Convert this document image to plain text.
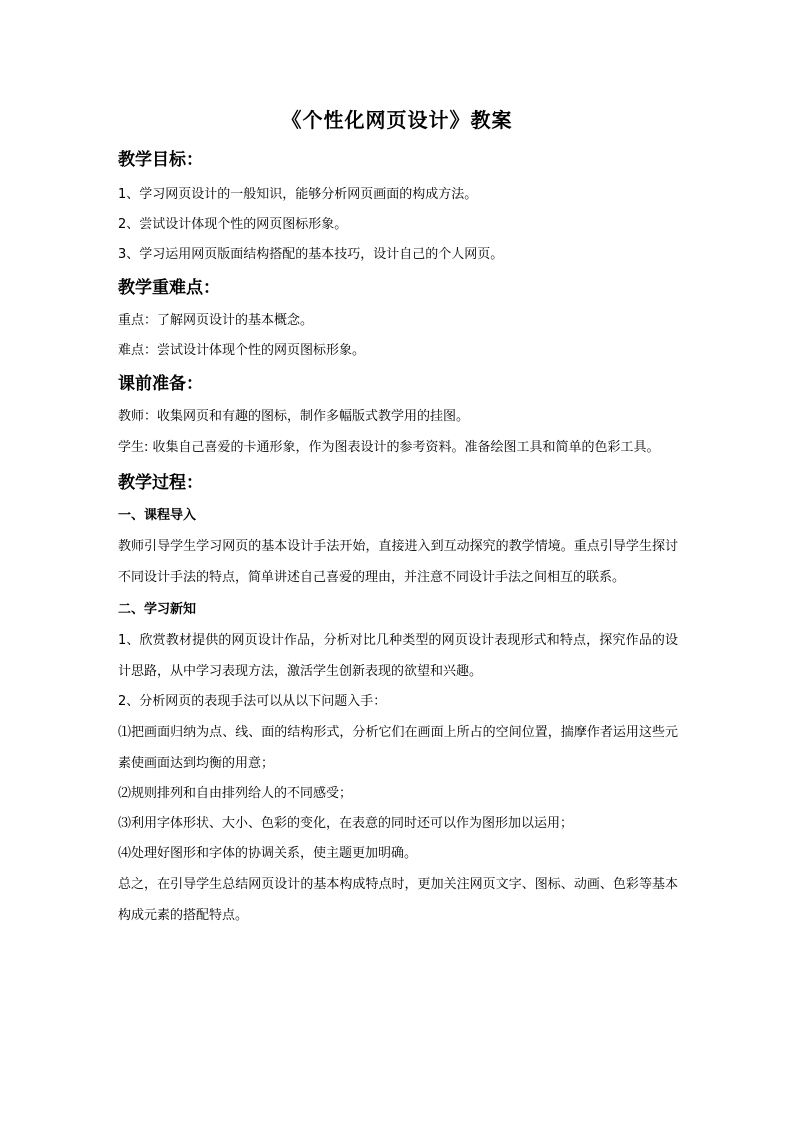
《个性化网页设计》教案
教学目标：

1、学习网页设计的一般知识，能够分析网页画面的构成方法。

2、尝试设计体现个性的网页图标形象。

3、学习运用网页版面结构搭配的基本技巧，设计自己的个人网页。

教学重难点：

重点：了解网页设计的基本概念。

难点：尝试设计体现个性的网页图标形象。

课前准备：

教师：收集网页和有趣的图标，制作多幅版式教学用的挂图。

学生: 收集自己喜爱的卡通形象，作为图表设计的参考资料。准备绘图工具和简单的色彩工具。

教学过程：

一、课程导入

教师引导学生学习网页的基本设计手法开始，直接进入到互动探究的教学情境。重点引导学生探讨不同设计手法的特点，简单讲述自己喜爱的理由，并注意不同设计手法之间相互的联系。

二、学习新知

1、欣赏教材提供的网页设计作品，分析对比几种类型的网页设计表现形式和特点，探究作品的设计思路，从中学习表现方法，激活学生创新表现的欲望和兴趣。

2、分析网页的表现手法可以从以下问题入手：

⑴把画面归纳为点、线、面的结构形式，分析它们在画面上所占的空间位置，揣摩作者运用这些元素使画面达到均衡的用意；

⑵规则排列和自由排列给人的不同感受；

⑶利用字体形状、大小、色彩的变化，在表意的同时还可以作为图形加以运用；

⑷处理好图形和字体的协调关系，使主题更加明确。

总之，在引导学生总结网页设计的基本构成特点时，更加关注网页文字、图标、动画、色彩等基本构成元素的搭配特点。
